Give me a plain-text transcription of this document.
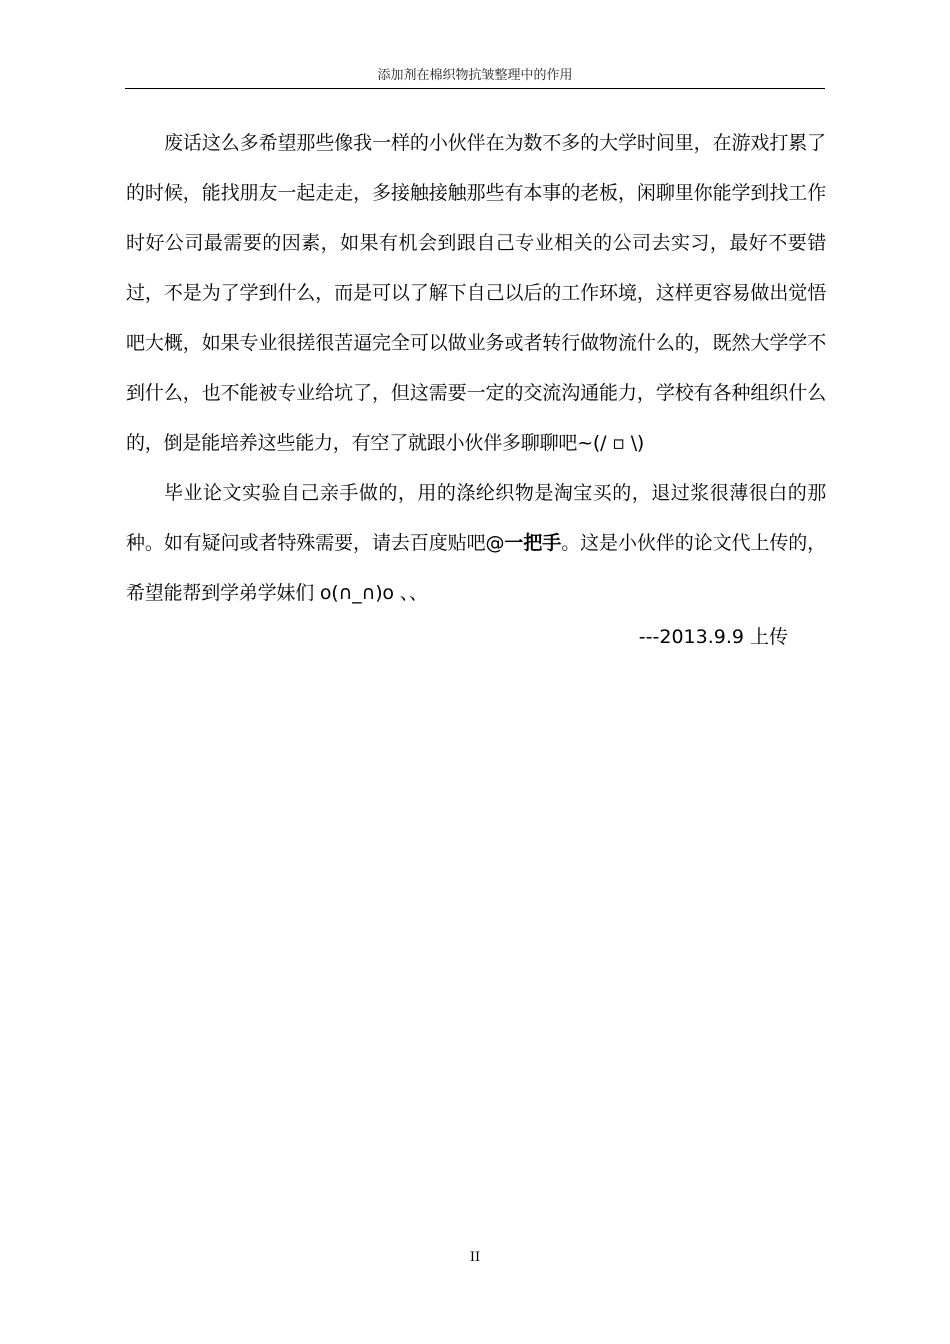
添加剂在棉织物抗皱整理中的作用

废话这么多希望那些像我一样的小伙伴在为数不多的大学时间里，在游戏打累了的时候，能找朋友一起走走，多接触接触那些有本事的老板，闲聊里你能学到找工作时好公司最需要的因素，如果有机会到跟自己专业相关的公司去实习，最好不要错过，不是为了学到什么，而是可以了解下自己以后的工作环境，这样更容易做出觉悟吧大概，如果专业很搓很苦逼完全可以做业务或者转行做物流什么的，既然大学学不到什么，也不能被专业给坑了，但这需要一定的交流沟通能力，学校有各种组织什么的，倒是能培养这些能力，有空了就跟小伙伴多聊聊吧~(/ ▫ \)

毕业论文实验自己亲手做的，用的涤纶织物是淘宝买的，退过浆很薄很白的那种。如有疑问或者特殊需要，请去百度贴吧@一把手。这是小伙伴的论文代上传的，希望能帮到学弟学妹们 o(∩_∩)o 、、

---2013.9.9 上传
II
